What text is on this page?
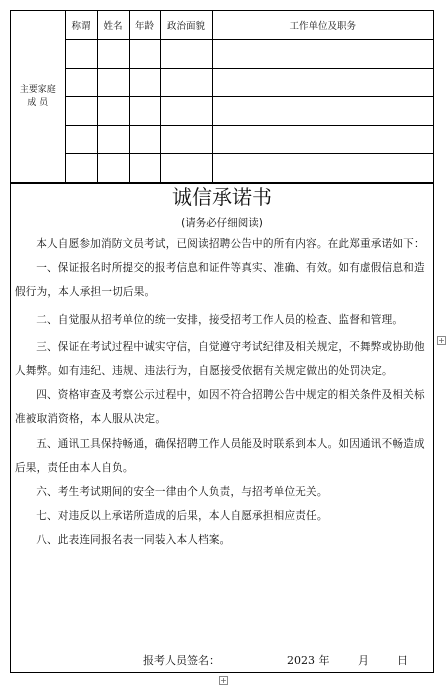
主要家庭
成 员	称谓	姓名	年龄	政治面貌	工作单位及职务

诚信承诺书
(请务必仔细阅读)

本人自愿参加消防文员考试，已阅读招聘公告中的所有内容。在此郑重承诺如下：

一、保证报名时所提交的报考信息和证件等真实、准确、有效。如有虚假信息和造假行为，本人承担一切后果。

二、自觉服从招考单位的统一安排，接受招考工作人员的检查、监督和管理。

三、保证在考试过程中诚实守信，自觉遵守考试纪律及相关规定，不舞弊或协助他人舞弊。如有违纪、违规、违法行为，自愿接受依据有关规定做出的处罚决定。

四、资格审查及考察公示过程中，如因不符合招聘公告中规定的相关条件及相关标准被取消资格，本人服从决定。

五、通讯工具保持畅通，确保招聘工作人员能及时联系到本人。如因通讯不畅造成后果，责任由本人自负。

六、考生考试期间的安全一律由个人负责，与招考单位无关。

七、对违反以上承诺所造成的后果，本人自愿承担相应责任。

八、此表连同报名表一同装入本人档案。

报考人员签名：	2023 年	月	日
+
+
